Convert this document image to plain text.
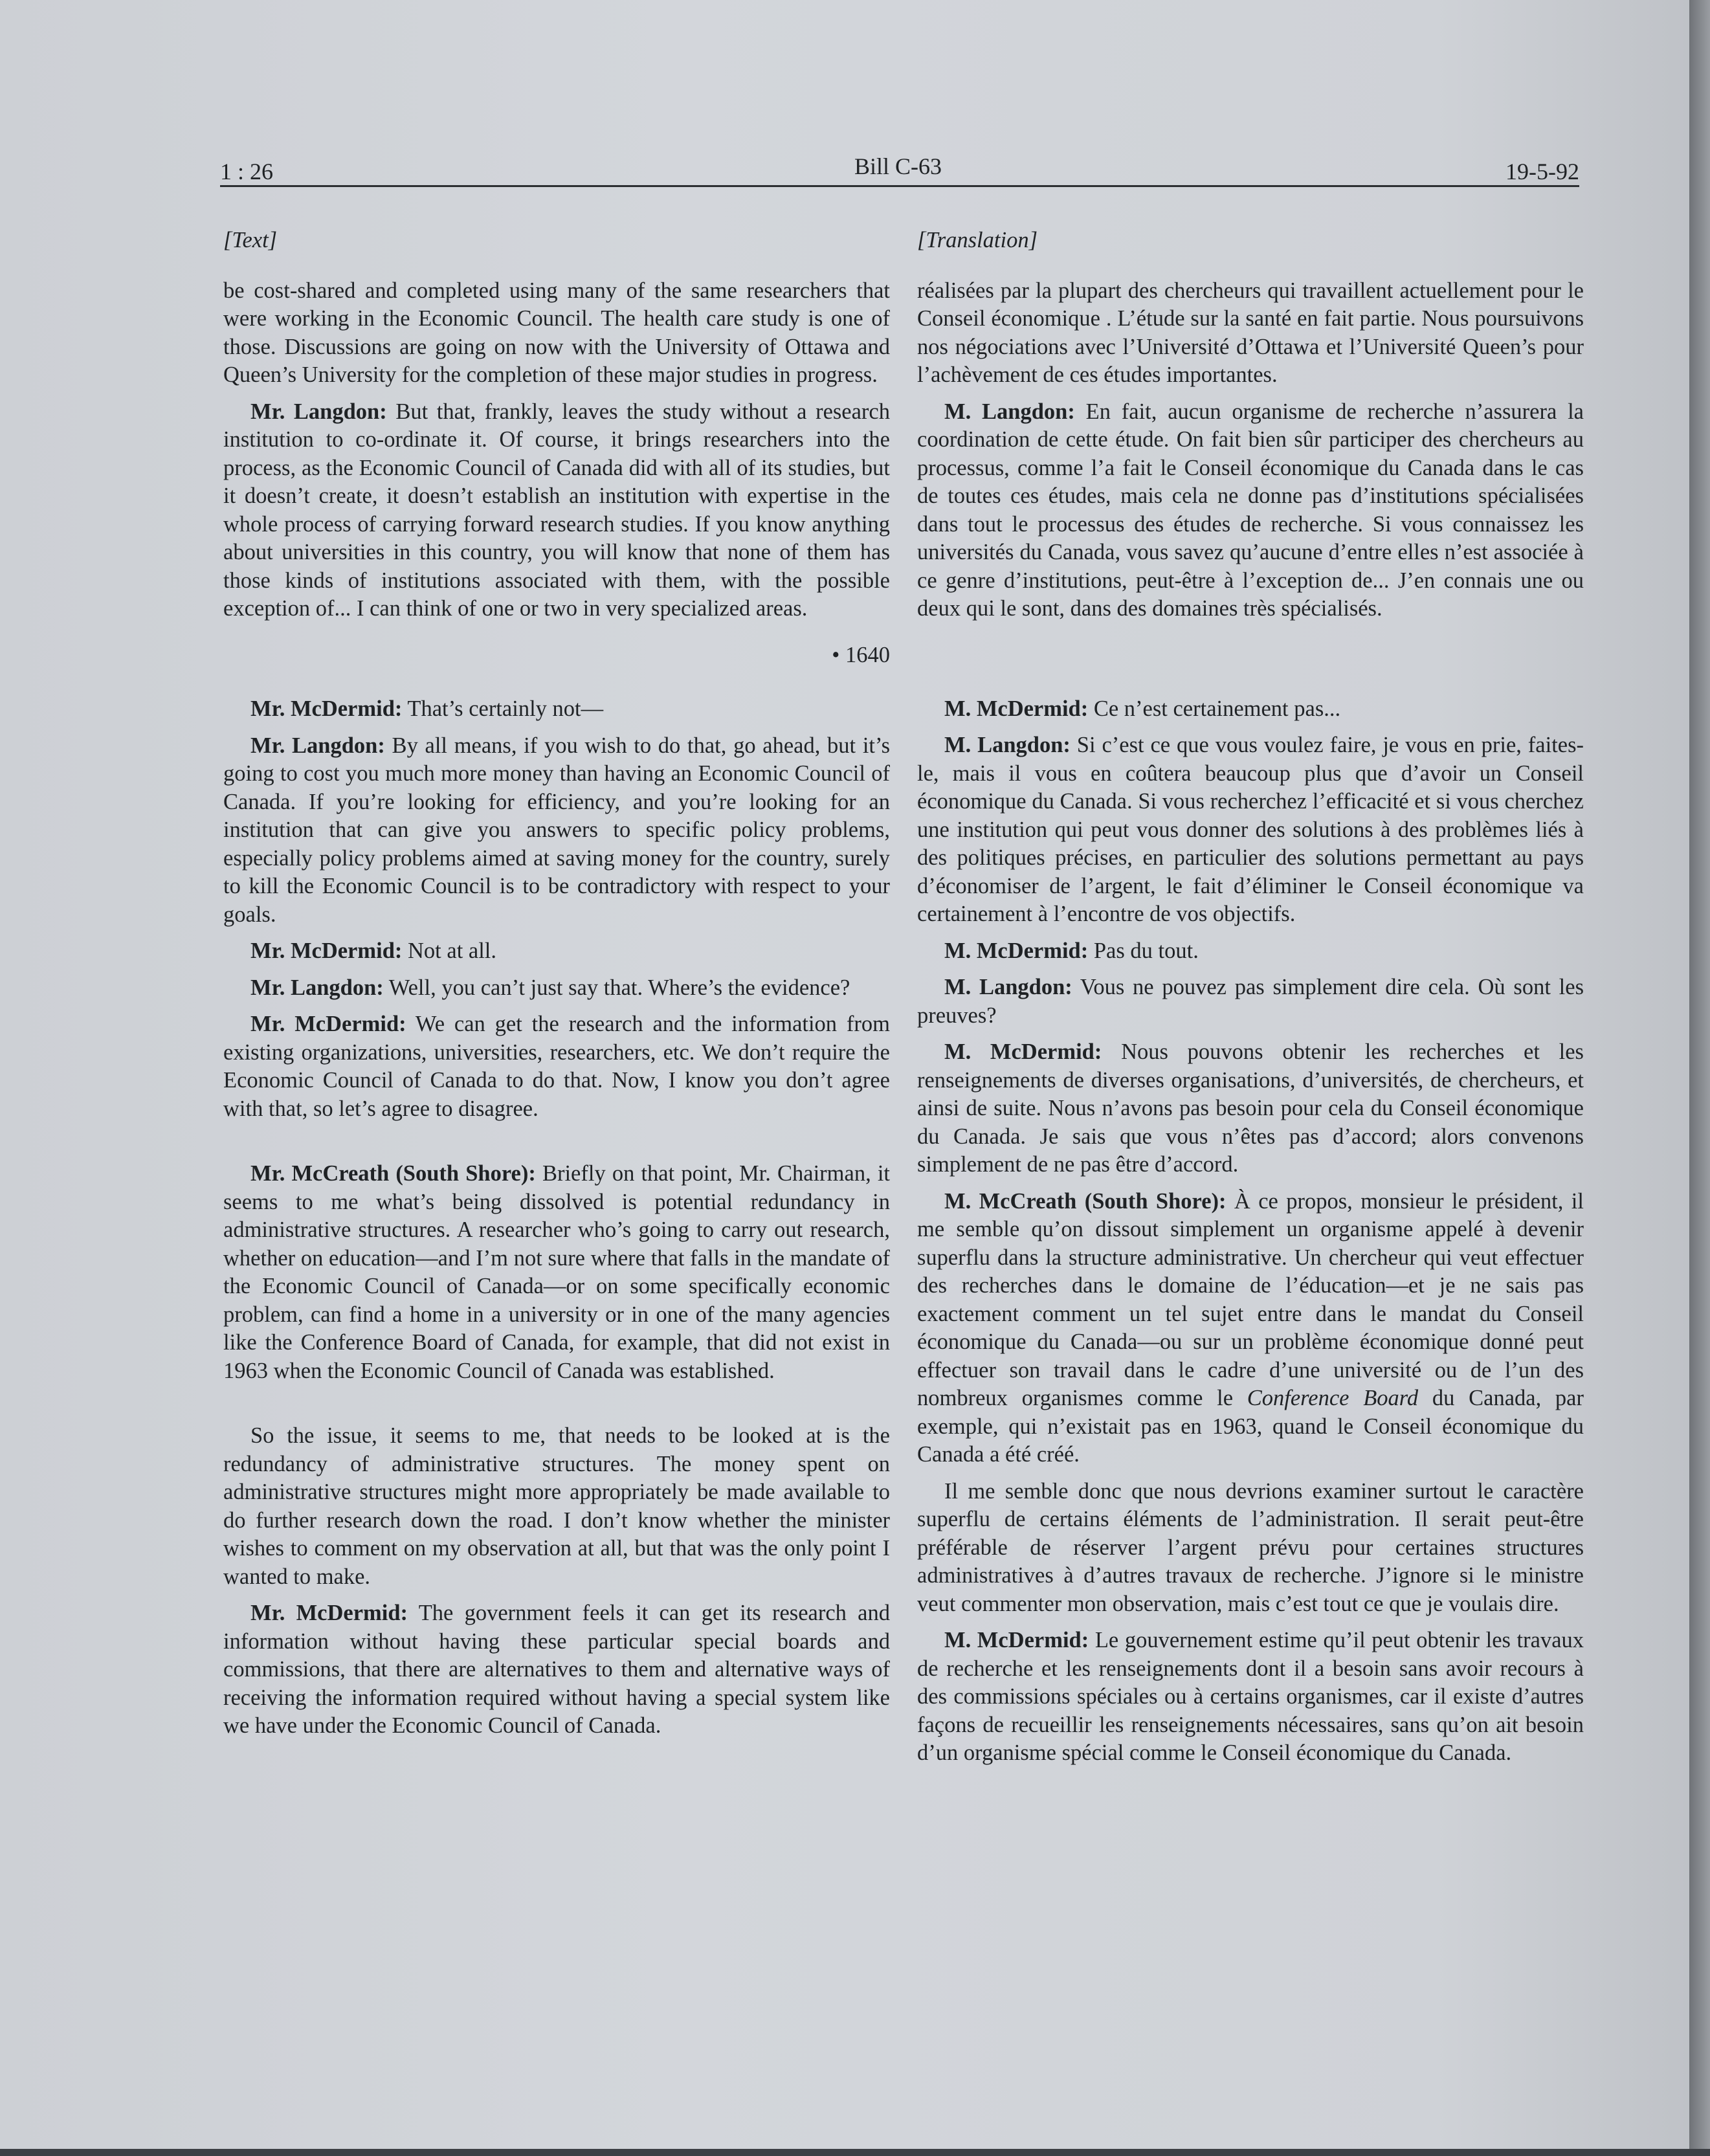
1 : 26	Bill C-63	19-5-92
[Text]

be cost-shared and completed using many of the same researchers that were working in the Economic Council. The health care study is one of those. Discussions are going on now with the University of Ottawa and Queen’s University for the completion of these major studies in progress.

Mr. Langdon: But that, frankly, leaves the study without a research institution to co-ordinate it. Of course, it brings researchers into the process, as the Economic Council of Canada did with all of its studies, but it doesn’t create, it doesn’t establish an institution with expertise in the whole process of carrying forward research studies. If you know anything about universities in this country, you will know that none of them has those kinds of institutions associated with them, with the possible exception of... I can think of one or two in very specialized areas.

• 1640

Mr. McDermid: That’s certainly not—

Mr. Langdon: By all means, if you wish to do that, go ahead, but it’s going to cost you much more money than having an Economic Council of Canada. If you’re looking for efficiency, and you’re looking for an institution that can give you answers to specific policy problems, especially policy problems aimed at saving money for the country, surely to kill the Economic Council is to be contradictory with respect to your goals.

Mr. McDermid: Not at all.

Mr. Langdon: Well, you can’t just say that. Where’s the evidence?

Mr. McDermid: We can get the research and the information from existing organizations, universities, researchers, etc. We don’t require the Economic Council of Canada to do that. Now, I know you don’t agree with that, so let’s agree to disagree.

Mr. McCreath (South Shore): Briefly on that point, Mr. Chairman, it seems to me what’s being dissolved is potential redundancy in administrative structures. A researcher who’s going to carry out research, whether on education—and I’m not sure where that falls in the mandate of the Economic Council of Canada—or on some specifically economic problem, can find a home in a university or in one of the many agencies like the Conference Board of Canada, for example, that did not exist in 1963 when the Economic Council of Canada was established.

So the issue, it seems to me, that needs to be looked at is the redundancy of administrative structures. The money spent on administrative structures might more appropriately be made available to do further research down the road. I don’t know whether the minister wishes to comment on my observation at all, but that was the only point I wanted to make.

Mr. McDermid: The government feels it can get its research and information without having these particular special boards and commissions, that there are alternatives to them and alternative ways of receiving the information required without having a special system like we have under the Economic Council of Canada.

[Translation]

réalisées par la plupart des chercheurs qui travaillent actuellement pour le Conseil économique . L’étude sur la santé en fait partie. Nous poursuivons nos négociations avec l’Université d’Ottawa et l’Université Queen’s pour l’achèvement de ces études importantes.

M. Langdon: En fait, aucun organisme de recherche n’assurera la coordination de cette étude. On fait bien sûr participer des chercheurs au processus, comme l’a fait le Conseil économique du Canada dans le cas de toutes ces études, mais cela ne donne pas d’institutions spécialisées dans tout le processus des études de recherche. Si vous connaissez les universités du Canada, vous savez qu’aucune d’entre elles n’est associée à ce genre d’institutions, peut-être à l’exception de... J’en connais une ou deux qui le sont, dans des domaines très spécialisés.

M. McDermid: Ce n’est certainement pas...

M. Langdon: Si c’est ce que vous voulez faire, je vous en prie, faites-le, mais il vous en coûtera beaucoup plus que d’avoir un Conseil économique du Canada. Si vous recherchez l’efficacité et si vous cherchez une institution qui peut vous donner des solutions à des problèmes liés à des politiques précises, en particulier des solutions permettant au pays d’économiser de l’argent, le fait d’éliminer le Conseil économique va certainement à l’encontre de vos objectifs.

M. McDermid: Pas du tout.

M. Langdon: Vous ne pouvez pas simplement dire cela. Où sont les preuves?

M. McDermid: Nous pouvons obtenir les recherches et les renseignements de diverses organisations, d’universités, de chercheurs, et ainsi de suite. Nous n’avons pas besoin pour cela du Conseil économique du Canada. Je sais que vous n’êtes pas d’accord; alors convenons simplement de ne pas être d’accord.

M. McCreath (South Shore): À ce propos, monsieur le président, il me semble qu’on dissout simplement un organisme appelé à devenir superflu dans la structure administrative. Un chercheur qui veut effectuer des recherches dans le domaine de l’éducation—et je ne sais pas exactement comment un tel sujet entre dans le mandat du Conseil économique du Canada—ou sur un problème économique donné peut effectuer son travail dans le cadre d’une université ou de l’un des nombreux organismes comme le Conference Board du Canada, par exemple, qui n’existait pas en 1963, quand le Conseil économique du Canada a été créé.

Il me semble donc que nous devrions examiner surtout le caractère superflu de certains éléments de l’administration. Il serait peut-être préférable de réserver l’argent prévu pour certaines structures administratives à d’autres travaux de recherche. J’ignore si le ministre veut commenter mon observation, mais c’est tout ce que je voulais dire.

M. McDermid: Le gouvernement estime qu’il peut obtenir les travaux de recherche et les renseignements dont il a besoin sans avoir recours à des commissions spéciales ou à certains organismes, car il existe d’autres façons de recueillir les renseignements nécessaires, sans qu’on ait besoin d’un organisme spécial comme le Conseil économique du Canada.
